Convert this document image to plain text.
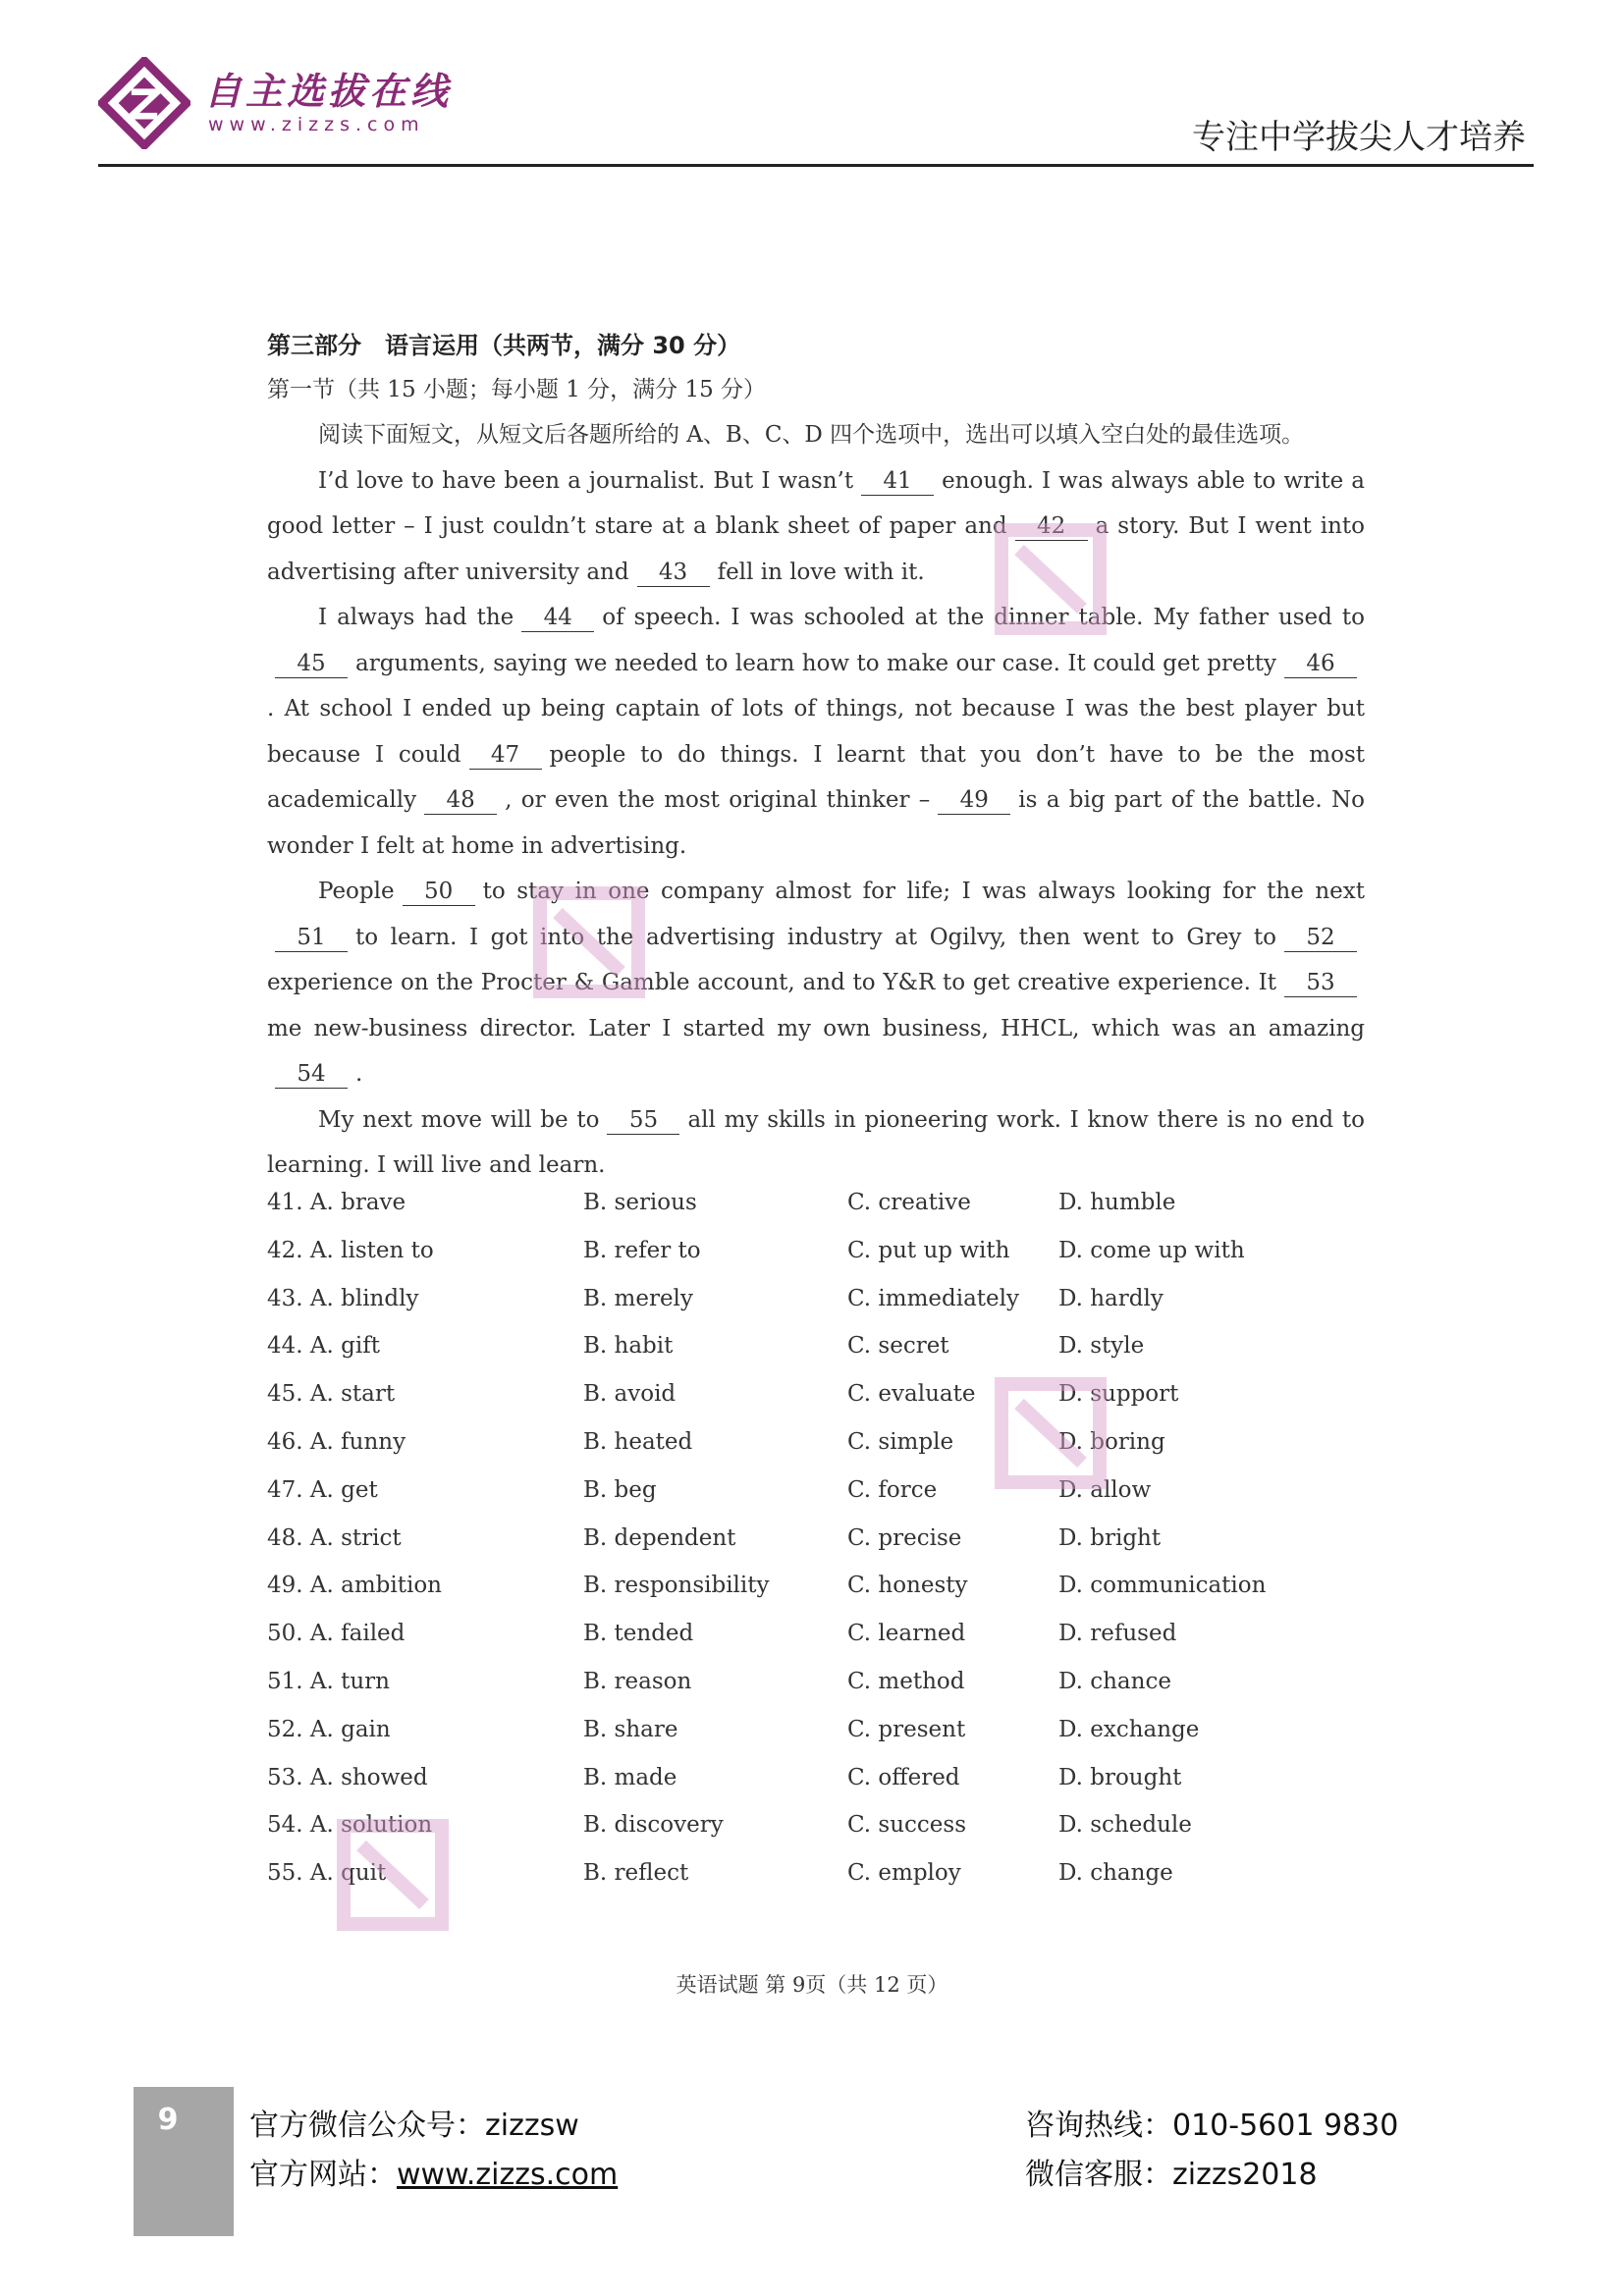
自主选拔在线
www.zizzs.com	专注中学拔尖人才培养

第三部分　语言运用（共两节，满分 30 分）

第一节（共 15 小题；每小题 1 分，满分 15 分）

阅读下面短文，从短文后各题所给的 A、B、C、D 四个选项中，选出可以填入空白处的最佳选项。

I’d love to have been a journalist. But I wasn’t 41 enough. I was always able to write a good letter – I just couldn’t stare at a blank sheet of paper and 42 a story. But I went into advertising after university and 43 fell in love with it.

I always had the 44 of speech. I was schooled at the dinner table. My father used to45 arguments, saying we needed to learn how to make our case. It could get pretty 46. At school I ended up being captain of lots of things, not because I was the best player but because I could 47 people to do things. I learnt that you don’t have to be the most academically 48 , or even the most original thinker – 49 is a big part of the battle. No wonder I felt at home in advertising.

People 50 to stay in one company almost for life; I was always looking for the next51 to learn. I got into the advertising industry at Ogilvy, then went to Grey to 52experience on the Procter & Gamble account, and to Y&R to get creative experience. It 53me new-business director. Later I started my own business, HHCL, which was an amazing54 .

My next move will be to 55 all my skills in pioneering work. I know there is no end to learning. I will live and learn.

41. A. brave	B. serious	C. creative	D. humble
42. A. listen to	B. refer to	C. put up with D. come up with
43. A. blindly	B. merely	C. immediately D. hardly
44. A. gift	B. habit	C. secret	D. style
45. A. start	B. avoid	C. evaluate	D. support
46. A. funny	B. heated	C. simple	D. boring
47. A. get	B. beg	C. force	D. allow
48. A. strict	B. dependent	C. precise	D. bright
49. A. ambition	B. responsibility	C. honesty	D. communication
50. A. failed	B. tended	C. learned	D. refused
51. A. turn	B. reason	C. method	D. chance
52. A. gain	B. share	C. present	D. exchange
53. A. showed	B. made	C. offered	D. brought
54. A. solution	B. discovery	C. success	D. schedule
55. A. quit	B. reflect	C. employ	D. change
英语试题 第 9页（共 12 页）
9	官方微信公众号：zizzsw
官方网站：www.zizzs.com
咨询热线：010-5601 9830
微信客服：zizzs2018
